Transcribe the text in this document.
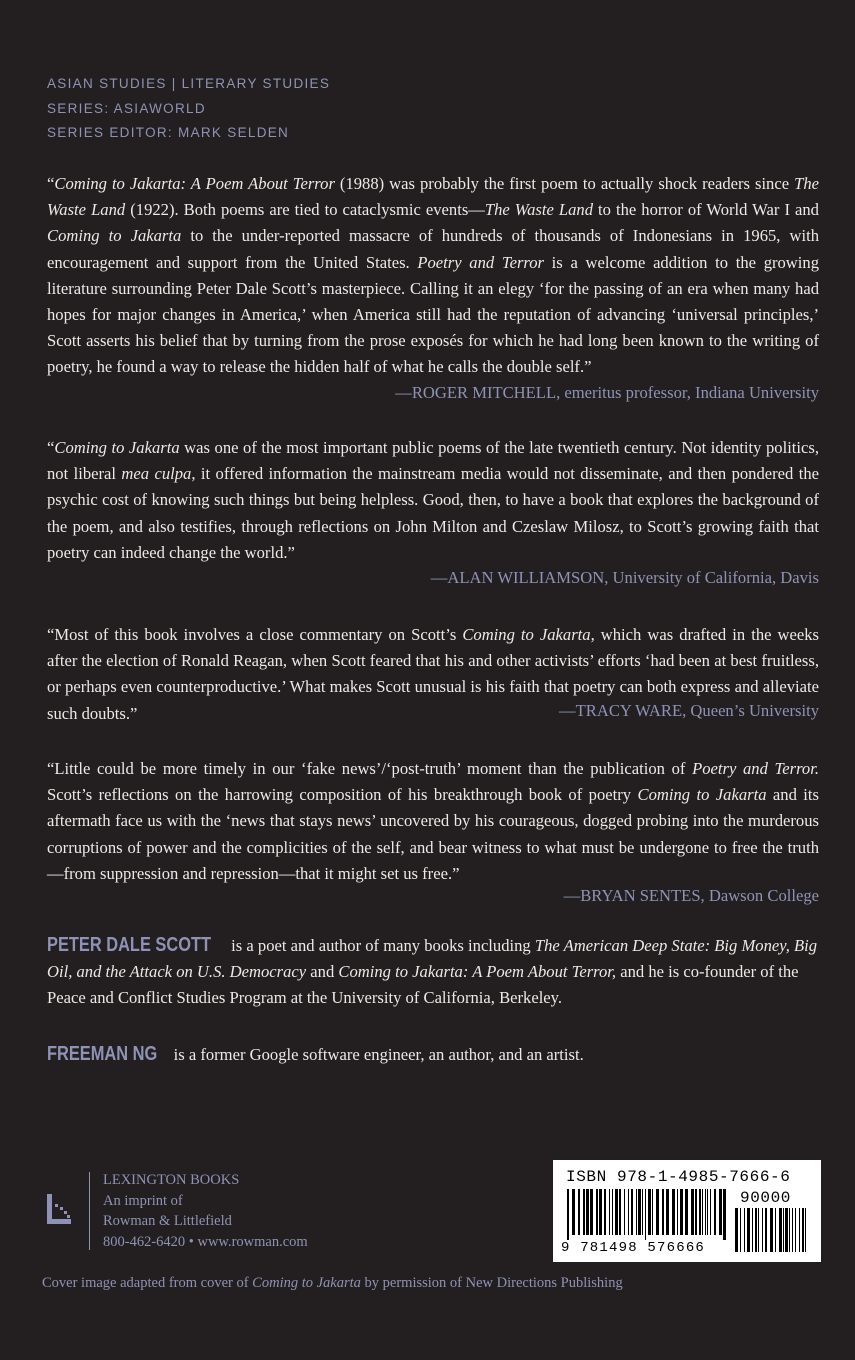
ASIAN STUDIES | LITERARY STUDIES
SERIES: ASIAWORLD
SERIES EDITOR: MARK SELDEN
“Coming to Jakarta: A Poem About Terror (1988) was probably the first poem to actually shock readers since The Waste Land (1922). Both poems are tied to cataclysmic events—The Waste Land to the horror of World War I and Coming to Jakarta to the under-reported massacre of hundreds of thousands of Indonesians in 1965, with encouragement and support from the United States. Poetry and Terror is a welcome addition to the growing literature surrounding Peter Dale Scott’s masterpiece. Calling it an elegy ‘for the passing of an era when many had hopes for major changes in America,’ when America still had the reputation of advancing ‘universal principles,’ Scott asserts his belief that by turning from the prose exposés for which he had long been known to the writing of poetry, he found a way to release the hidden half of what he calls the double self.”
—ROGER MITCHELL, emeritus professor, Indiana University
“Coming to Jakarta was one of the most important public poems of the late twentieth century. Not identity politics, not liberal mea culpa, it offered information the mainstream media would not disseminate, and then pondered the psychic cost of knowing such things but being helpless. Good, then, to have a book that explores the background of the poem, and also testifies, through reflections on John Milton and Czeslaw Milosz, to Scott’s growing faith that poetry can indeed change the world.”
—ALAN WILLIAMSON, University of California, Davis
“Most of this book involves a close commentary on Scott’s Coming to Jakarta, which was drafted in the weeks after the election of Ronald Reagan, when Scott feared that his and other activists’ efforts ‘had been at best fruitless, or perhaps even counterproductive.’ What makes Scott unusual is his faith that poetry can both express and alleviate such doubts.”	—TRACY WARE, Queen’s University
“Little could be more timely in our ‘fake news’/‘post-truth’ moment than the publication of Poetry and Terror. Scott’s reflections on the harrowing composition of his breakthrough book of poetry Coming to Jakarta and its aftermath face us with the ‘news that stays news’ uncovered by his courageous, dogged probing into the murderous corruptions of power and the complicities of the self, and bear witness to what must be undergone to free the truth—from suppression and repression—that it might set us free.”
—BRYAN SENTES, Dawson College
PETER DALE SCOTT is a poet and author of many books including The American Deep State: Big Money, Big Oil, and the Attack on U.S. Democracy and Coming to Jakarta: A Poem About Terror, and he is co-founder of the Peace and Conflict Studies Program at the University of California, Berkeley.
FREEMAN NG is a former Google software engineer, an author, and an artist.
LEXINGTON BOOKS
An imprint of
Rowman & Littlefield
800-462-6420 • www.rowman.com
ISBN 978-1-4985-7666-6
90000
9 781498 576666
Cover image adapted from cover of Coming to Jakarta by permission of New Directions Publishing
